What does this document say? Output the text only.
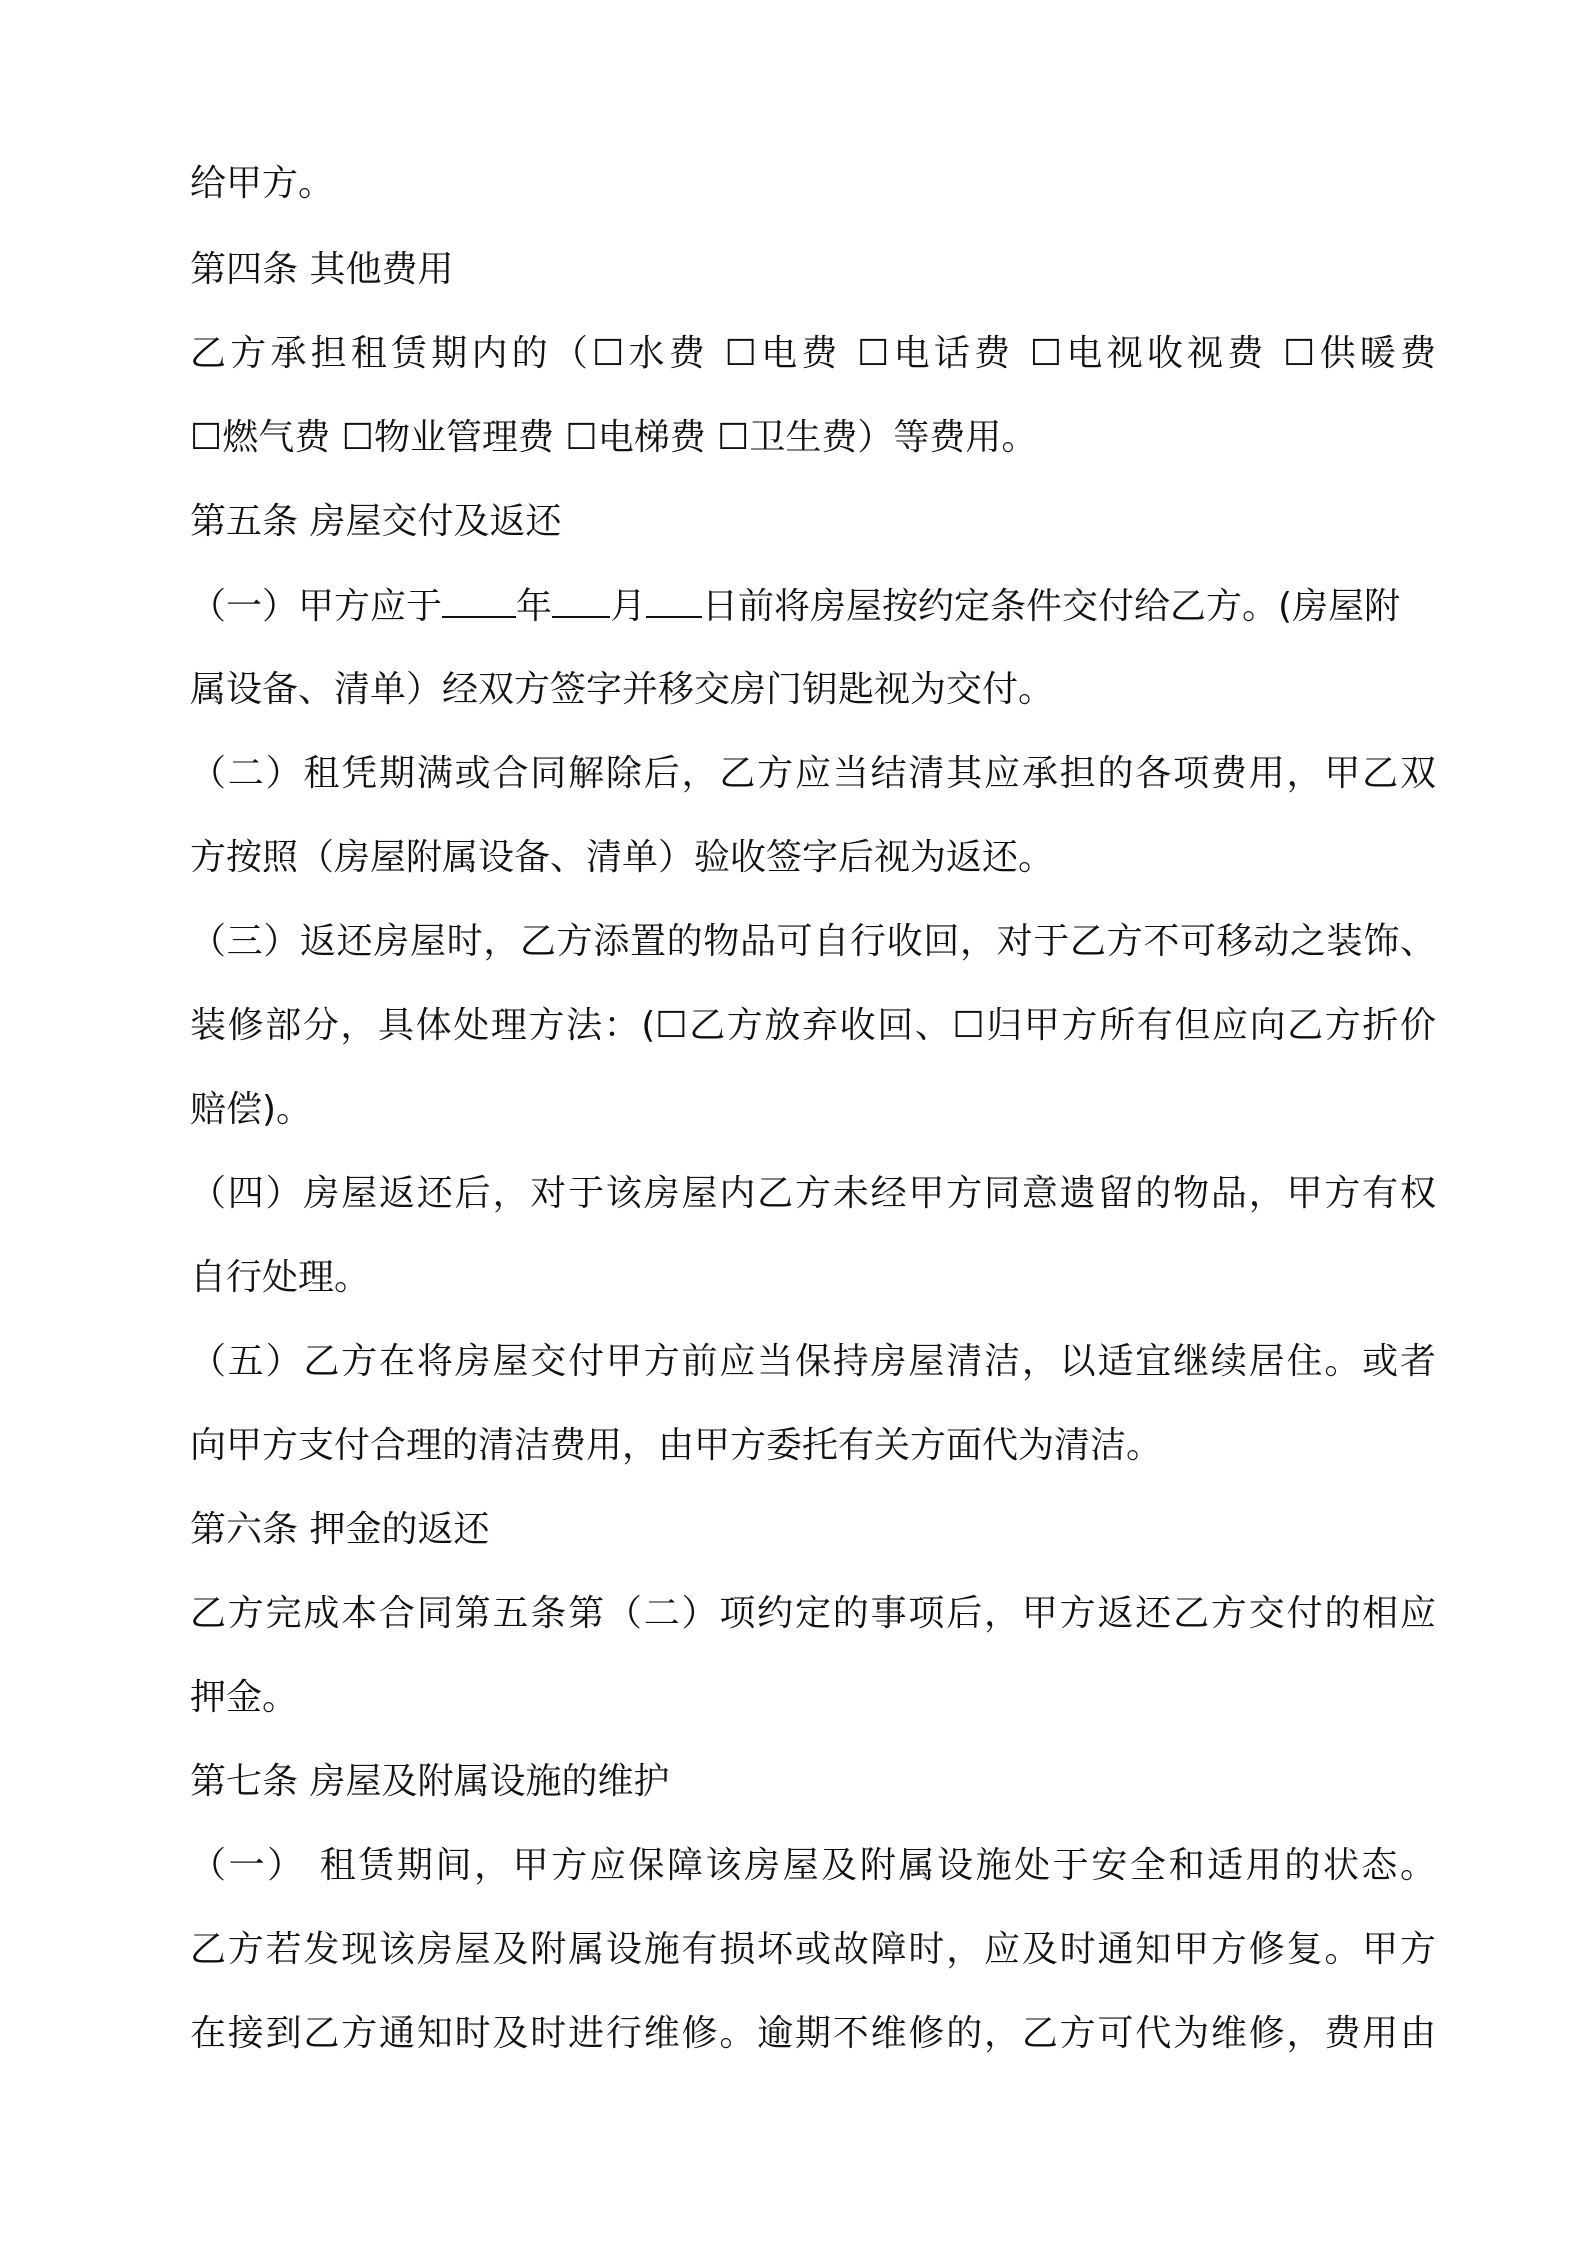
给甲方。
第四条 其他费用
乙方承担租赁期内的（☐水费 ☐电费 ☐电话费 ☐电视收视费 ☐供暖费
☐燃气费 ☐物业管理费 ☐电梯费 ☐卫生费）等费用。
第五条 房屋交付及返还
（一）甲方应于 年 月 日前将房屋按约定条件交付给乙方。(房屋附
属设备、清单）经双方签字并移交房门钥匙视为交付。
（二）租凭期满或合同解除后，乙方应当结清其应承担的各项费用，甲乙双
方按照（房屋附属设备、清单）验收签字后视为返还。
（三）返还房屋时，乙方添置的物品可自行收回，对于乙方不可移动之装饰、
装修部分，具体处理方法：(☐乙方放弃收回、☐归甲方所有但应向乙方折价
赔偿)。
（四）房屋返还后，对于该房屋内乙方未经甲方同意遗留的物品，甲方有权
自行处理。
（五）乙方在将房屋交付甲方前应当保持房屋清洁，以适宜继续居住。或者
向甲方支付合理的清洁费用，由甲方委托有关方面代为清洁。
第六条 押金的返还
乙方完成本合同第五条第（二）项约定的事项后，甲方返还乙方交付的相应
押金。
第七条 房屋及附属设施的维护
（一） 租赁期间，甲方应保障该房屋及附属设施处于安全和适用的状态。
乙方若发现该房屋及附属设施有损坏或故障时，应及时通知甲方修复。甲方
在接到乙方通知时及时进行维修。逾期不维修的，乙方可代为维修，费用由
